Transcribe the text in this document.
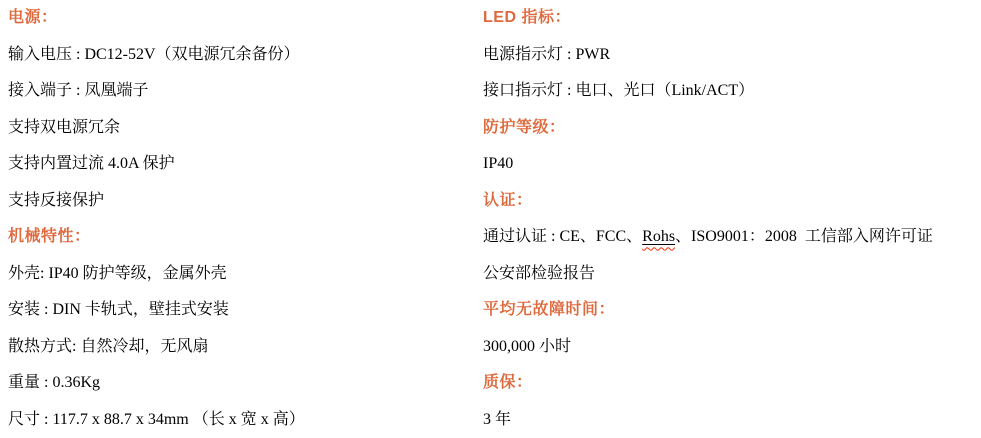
电源：
输入电压 : DC12-52V（双电源冗余备份）
接入端子 : 凤凰端子
支持双电源冗余
支持内置过流 4.0A 保护
支持反接保护
机械特性：
外壳: IP40 防护等级，金属外壳
安装 : DIN 卡轨式，壁挂式安装
散热方式: 自然冷却，无风扇
重量 : 0.36Kg
尺寸 : 117.7 x 88.7 x 34mm （长 x 宽 x 高）
LED 指标：
电源指示灯 : PWR
接口指示灯 : 电口、光口（Link/ACT）
防护等级：
IP40
认证：
通过认证 : CE、FCC、 Rohs 、ISO9001：2008  工信部入网许可证
公安部检验报告
平均无故障时间：
300,000 小时
质保：
3 年
